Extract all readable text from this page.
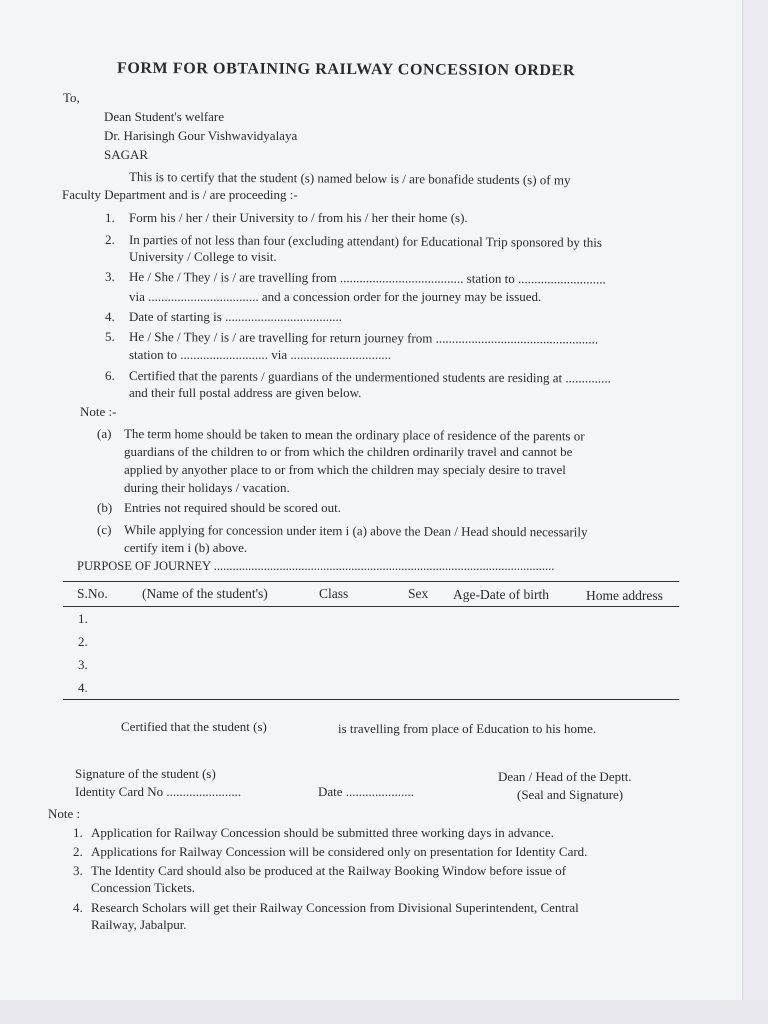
FORM FOR OBTAINING RAILWAY CONCESSION ORDER
To,
Dean Student's welfare
Dr. Harisingh Gour Vishwavidyalaya
SAGAR
This is to certify that the student (s) named below is / are bonafide students (s) of my
Faculty Department and is / are proceeding :-
1. Form his / her / their University to / from his / her their home (s).
2. In parties of not less than four (excluding attendant) for Educational Trip sponsored by this
University / College to visit.
3. He / She / They / is / are travelling from ...................................... station to ...........................
via .................................. and a concession order for the journey may be issued.
4. Date of starting is ....................................
5. He / She / They / is / are travelling for return journey from ..................................................
station to ........................... via ...............................
6. Certified that the parents / guardians of the undermentioned students are residing at ..............
and their full postal address are given below.
Note :-
(a) The term home should be taken to mean the ordinary place of residence of the parents or
guardians of the children to or from which the children ordinarily travel and cannot be
applied by anyother place to or from which the children may specialy desire to travel
during their holidays / vacation.
(b) Entries not required should be scored out.
(c) While applying for concession under item i (a) above the Dean / Head should necessarily
certify item i (b) above.
PURPOSE OF JOURNEY .............................................................................................................
S.No.	(Name of the student's)	Class	Sex Age-Date of birth	Home address
1.
2.
3.
4.
Certified that the student (s)	is travelling from place of Education to his home.
Signature of the student (s)
Identity Card No .......................	Date .....................
Dean / Head of the Deptt.
(Seal and Signature)
Note :
1. Application for Railway Concession should be submitted three working days in advance.
2. Applications for Railway Concession will be considered only on presentation for Identity Card.
3. The Identity Card should also be produced at the Railway Booking Window before issue of
Concession Tickets.
4. Research Scholars will get their Railway Concession from Divisional Superintendent, Central
Railway, Jabalpur.
